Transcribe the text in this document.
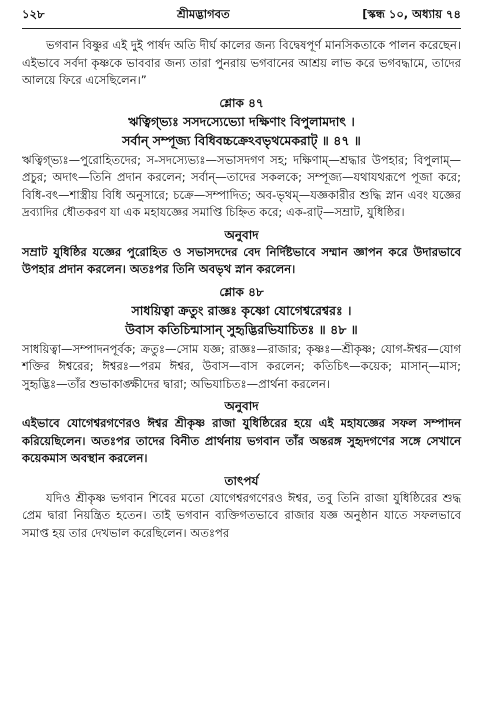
১২৮	শ্রীমদ্ভাগবত	[স্কন্ধ ১০, অধ্যায় ৭৪

ভগবান বিষ্ণুর এই দুই পার্ষদ অতি দীর্ঘ কালের জন্য বিদ্বেষপূর্ণ মানসিকতাকে পালন করেছেন। এইভাবে সর্বদা কৃষ্ণকে ভাববার জন্য তারা পুনরায় ভগবানের আশ্রয় লাভ করে ভগবদ্ধামে, তাদের আলয়ে ফিরে এসেছিলেন।”

শ্লোক ৪৭
ঋত্বিগ্ভ্যঃ সসদস্যেভ্যো দক্ষিণাং বিপুলামদাৎ ।
সর্বান্ সম্পূজ্য বিধিবচ্চক্রেঽবভৃথমেকরাট্ ॥ ৪৭ ॥

ঋত্বিগ্ভ্যঃ—পুরোহিতদের; স-সদস্যেভ্যঃ—সভাসদগণ সহ; দক্ষিণাম্—শ্রদ্ধার উপহার; বিপুলাম্—প্রচুর; অদাৎ—তিনি প্রদান করলেন; সর্বান্—তাদের সকলকে; সম্পূজ্য—যথাযথরূপে পূজা করে; বিধি-বৎ—শাস্ত্রীয় বিধি অনুসারে; চক্রে—সম্পাদিত; অব-ভৃথম্—যজ্ঞকারীর শুদ্ধি স্নান এবং যজ্ঞের দ্রব্যাদির ধৌতকরণ যা এক মহাযজ্ঞের সমাপ্তি চিহ্নিত করে; এক-রাট্—সম্রাট, যুধিষ্ঠির।

অনুবাদ

সম্রাট যুধিষ্ঠির যজ্ঞের পুরোহিত ও সভাসদদের বেদ নির্দিষ্টভাবে সম্মান জ্ঞাপন করে উদারভাবে উপহার প্রদান করলেন। অতঃপর তিনি অবভৃথ স্নান করলেন।

শ্লোক ৪৮
সাধয়িত্বা ক্রতুং রাজ্ঞঃ কৃষ্ণো যোগেশ্বরেশ্বরঃ ।
উবাস কতিচিন্মাসান্ সুহৃদ্ভিরভিযাচিতঃ ॥ ৪৮ ॥

সাধয়িত্বা—সম্পাদনপূর্বক; ক্রতুঃ—সোম যজ্ঞ; রাজ্ঞঃ—রাজার; কৃষ্ণঃ—শ্রীকৃষ্ণ; যোগ-ঈশ্বর—যোগ শক্তির ঈশ্বরের; ঈশ্বরঃ—পরম ঈশ্বর, উবাস—বাস করলেন; কতিচিৎ—কয়েক; মাসান্—মাস; সুহৃদ্ভিঃ—তাঁর শুভাকাঙ্ক্ষীদের দ্বারা; অভিযাচিতঃ—প্রার্থনা করলেন।

অনুবাদ

এইভাবে যোগেশ্বরগণেরও ঈশ্বর শ্রীকৃষ্ণ রাজা যুধিষ্ঠিরের হয়ে এই মহাযজ্ঞের সফল সম্পাদন করিয়েছিলেন। অতঃপর তাদের বিনীত প্রার্থনায় ভগবান তাঁর অন্তরঙ্গ সুহৃদগণের সঙ্গে সেখানে কয়েকমাস অবস্থান করলেন।

তাৎপর্য

যদিও শ্রীকৃষ্ণ ভগবান শিবের মতো যোগেশ্বরগণেরও ঈশ্বর, তবু তিনি রাজা যুধিষ্ঠিরের শুদ্ধ প্রেম দ্বারা নিয়ন্ত্রিত হতেন। তাই ভগবান ব্যক্তিগতভাবে রাজার যজ্ঞ অনুষ্ঠান যাতে সফলভাবে সমাপ্ত হয় তার দেখভাল করেছিলেন। অতঃপর
